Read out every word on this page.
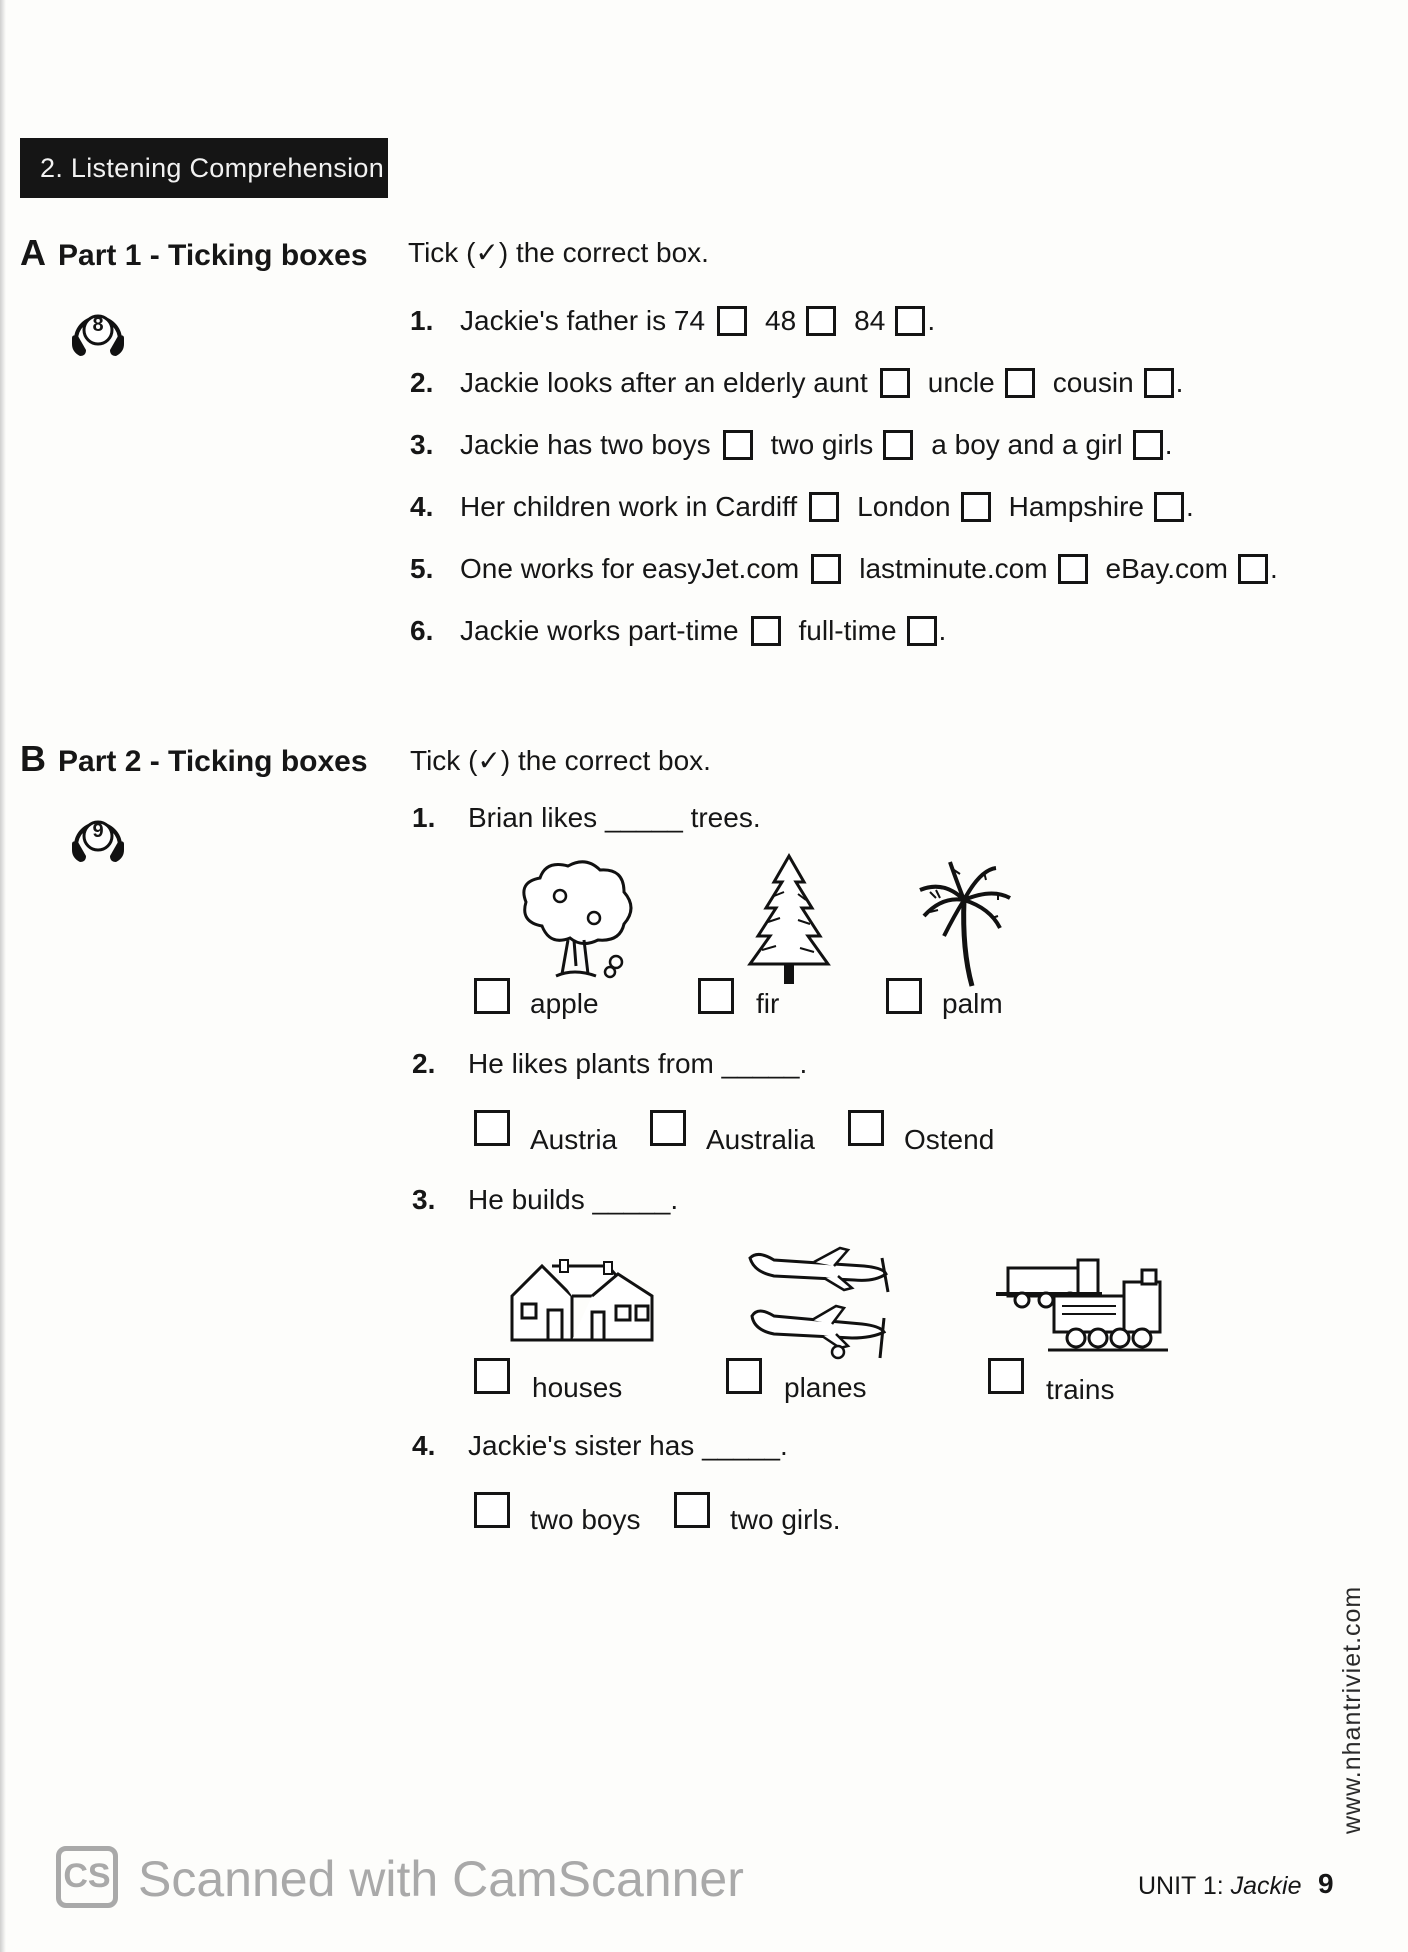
2. Listening Comprehension
A Part 1 - Ticking boxes
8
Tick (✓) the correct box.
1. Jackie's father is 74 48 84 .
2. Jackie looks after an elderly aunt uncle cousin .
3. Jackie has two boys two girls a boy and a girl .
4. Her children work in Cardiff London Hampshire .
5. One works for easyJet.com lastminute.com eBay.com .
6. Jackie works part-time full-time .
B Part 2 - Ticking boxes
9
Tick (✓) the correct box.
1.	Brian likes _____ trees.
apple	fir	palm
2.	He likes plants from _____.
Austria	Australia	Ostend
3.	He builds _____.
houses	planes	trains
4.	Jackie's sister has _____.
two boys	two girls.
www.nhantriviet.com
CS Scanned with CamScanner	UNIT 1: Jackie 9
